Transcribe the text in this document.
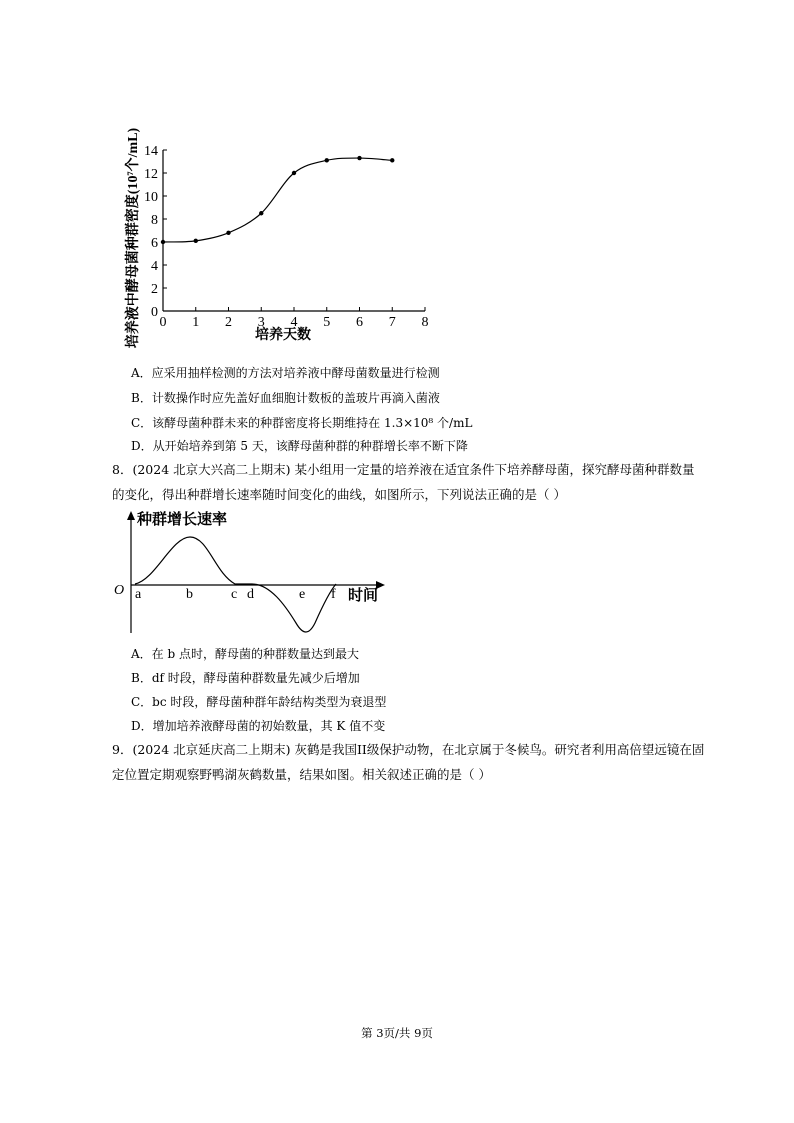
0
2
4
6
8
10
12
14
0 1 2 3 4 5 6 7 8
培养天数
培养液中酵母菌种群密度(10⁷个/mL)
A．应采用抽样检测的方法对培养液中酵母菌数量进行检测
B．计数操作时应先盖好血细胞计数板的盖玻片再滴入菌液
C．该酵母菌种群未来的种群密度将长期维持在 1.3×10⁸ 个/mL
D．从开始培养到第 5 天，该酵母菌种群的种群增长率不断下降
8．(2024 北京大兴高二上期末) 某小组用一定量的培养液在适宜条件下培养酵母菌，探究酵母菌种群数量
的变化，得出种群增长速率随时间变化的曲线，如图所示，下列说法正确的是（ ）
种群增长速率
时间
O a	b	c d	e f
A．在 b 点时，酵母菌的种群数量达到最大
B．df 时段，酵母菌种群数量先减少后增加
C．bc 时段，酵母菌种群年龄结构类型为衰退型
D．增加培养液酵母菌的初始数量，其 K 值不变
9．(2024 北京延庆高二上期末) 灰鹤是我国II级保护动物，在北京属于冬候鸟。研究者利用高倍望远镜在固
定位置定期观察野鸭湖灰鹤数量，结果如图。相关叙述正确的是（ ）
第 3页/共 9页
